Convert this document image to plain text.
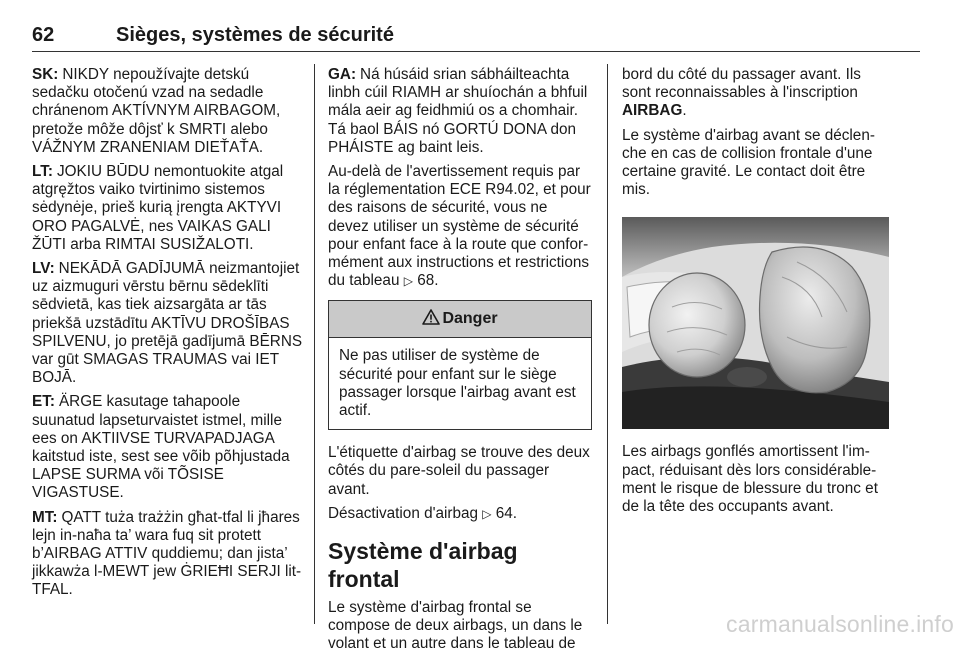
62	Sièges, systèmes de sécurité

SK: NIKDY nepoužívajte detskú sedačku otočenú vzad na sedadle chránenom AKTÍVNYM AIRBAGOM, pretože môže dôjsť k SMRTI alebo VÁŽNYM ZRANENIAM DIEŤAŤA.

LT: JOKIU BŪDU nemontuokite atgal atgręžtos vaiko tvirtinimo sistemos sėdynėje, prieš kurią įrengta AKTYVI ORO PAGALVĖ, nes VAIKAS GALI ŽŪTI arba RIMTAI SUSIŽALOTI.

LV: NEKĀDĀ GADĪJUMĀ neizmantojiet uz aizmuguri vērstu bērnu sēdeklīti sēdvietā, kas tiek aizsargāta ar tās priekšā uzstādītu AKTĪVU DROŠĪBAS SPILVENU, jo pretējā gadījumā BĒRNS var gūt SMAGAS TRAUMAS vai IET BOJĀ.

ET: ÄRGE kasutage tahapoole suunatud lapseturvaistet istmel, mille ees on AKTIIVSE TURVAPADJAGA kaitstud iste, sest see võib põhjustada LAPSE SURMA või TÕSISE VIGASTUSE.

MT: QATT tuża trażżin għat-tfal li jħares lejn in-naħa ta’ wara fuq sit protett b’AIRBAG ATTIV quddiemu; dan jista’ jikkawża l-MEWT jew ĠRIEĦI SERJI lit-TFAL.

GA: Ná húsáid srian sábháilteachta linbh cúil RIAMH ar shuíochán a bhfuil mála aeir ag feidhmiú os a chomhair. Tá baol BÁIS nó GORTÚ DONA don PHÁISTE ag baint leis.

Au-delà de l'avertissement requis par la réglementation ECE R94.02, et pour des raisons de sécurité, vous ne devez utiliser un système de sécurité pour enfant face à la route que conformément aux instructions et restrictions du tableau ▷ 68.

Danger
Ne pas utiliser de système de sécurité pour enfant sur le siège passager lorsque l'airbag avant est actif.

L'étiquette d'airbag se trouve des deux côtés du pare-soleil du passager avant.

Désactivation d'airbag ▷ 64.

Système d'airbag frontal

Le système d'airbag frontal se compose de deux airbags, un dans le volant et un autre dans le tableau de

bord du côté du passager avant. Ils sont reconnaissables à l'inscription AIRBAG.

Le système d'airbag avant se déclenche en cas de collision frontale d'une certaine gravité. Le contact doit être mis.

Les airbags gonflés amortissent l'impact, réduisant dès lors considérablement le risque de blessure du tronc et de la tête des occupants avant.

carmanualsonline.info
